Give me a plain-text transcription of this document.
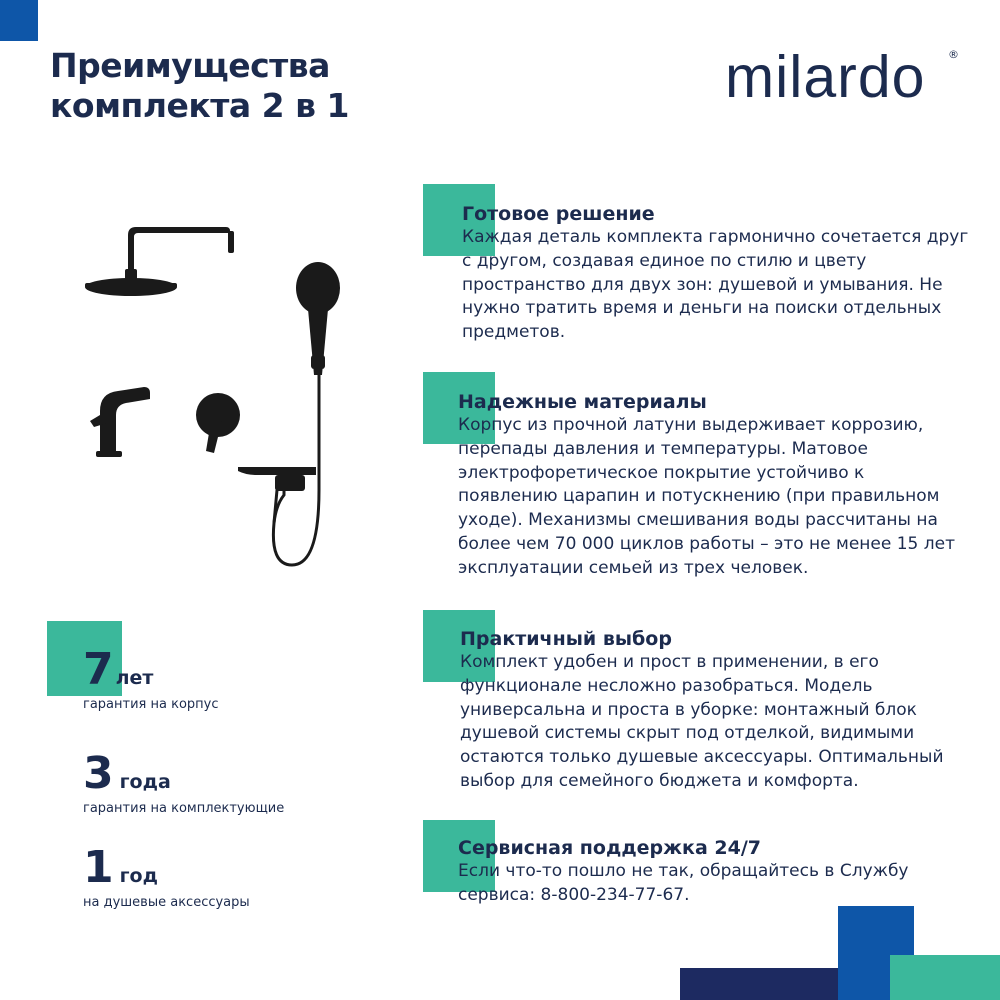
Преимущества
комплекта 2 в 1	milardo ®
Готовое решение
Каждая деталь комплекта гармонично сочетается друг с другом, создавая единое по стилю и цвету пространство для двух зон: душевой и умывания. Не нужно тратить время и деньги на поиски отдельных предметов.
Надежные материалы
Корпус из прочной латуни выдерживает коррозию, перепады давления и температуры. Матовое электрофоретическое покрытие устойчиво к появлению царапин и потускнению (при правильном уходе). Механизмы смешивания воды рассчитаны на более чем 70 000 циклов работы – это не менее 15 лет эксплуатации семьей из трех человек.
Практичный выбор
Комплект удобен и прост в применении, в его функционале несложно разобраться. Модель универсальна и проста в уборке: монтажный блок душевой системы скрыт под отделкой, видимыми остаются только душевые аксессуары. Оптимальный выбор для семейного бюджета и комфорта.
Сервисная поддержка 24/7
Если что-то пошло не так, обращайтесь в Службу сервиса: 8-800-234-77-67.
7 лет
гарантия на корпус
3 года
гарантия на комплектующие
1 год
на душевые аксессуары
